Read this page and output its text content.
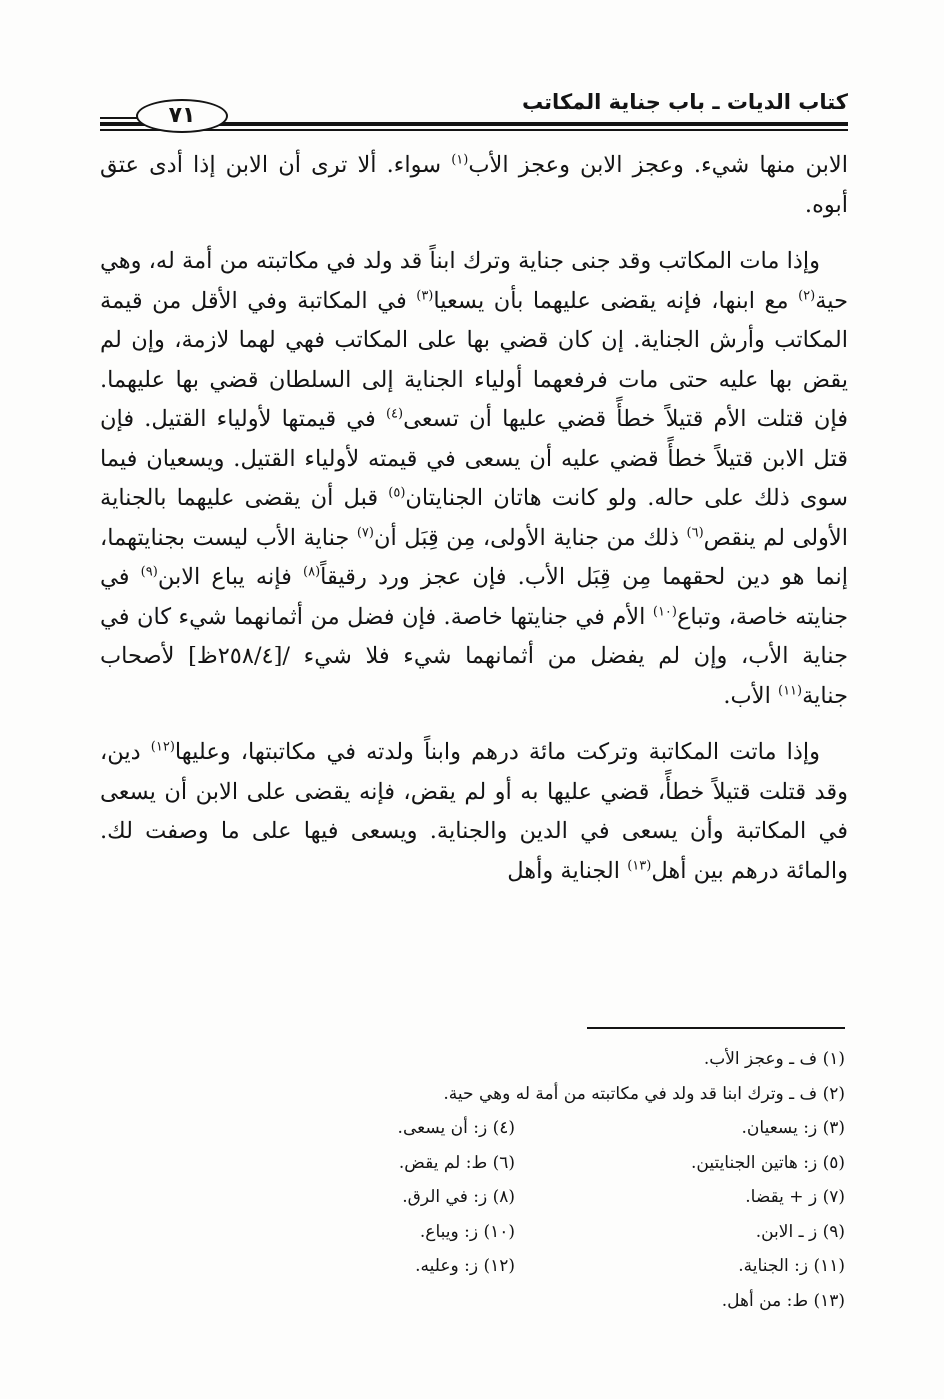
كتاب الديات ـ باب جناية المكاتب
٧١

الابن منها شيء. وعجز الابن وعجز الأب$^{(١)}$ سواء. ألا ترى أن الابن إذا أدى عتق أبوه.

وإذا مات المكاتب وقد جنى جناية وترك ابناً قد ولد في مكاتبته من أمة له، وهي حية$^{(٢)}$ مع ابنها، فإنه يقضى عليهما بأن يسعيا$^{(٣)}$ في المكاتبة وفي الأقل من قيمة المكاتب وأرش الجناية. إن كان قضي بها على المكاتب فهي لهما لازمة، وإن لم يقض بها عليه حتى مات فرفعهما أولياء الجناية إلى السلطان قضي بها عليهما. فإن قتلت الأم قتيلاً خطأً قضي عليها أن تسعى$^{(٤)}$ في قيمتها لأولياء القتيل. فإن قتل الابن قتيلاً خطأً قضي عليه أن يسعى في قيمته لأولياء القتيل. ويسعيان فيما سوى ذلك على حاله. ولو كانت هاتان الجنايتان$^{(٥)}$ قبل أن يقضى عليهما بالجناية الأولى لم ينقص$^{(٦)}$ ذلك من جناية الأولى، مِن قِبَل أن$^{(٧)}$ جناية الأب ليست بجنايتهما، إنما هو دين لحقهما مِن قِبَل الأب. فإن عجز ورد رقيقاً$^{(٨)}$ فإنه يباع الابن$^{(٩)}$ في جنايته خاصة، وتباع$^{(١٠)}$ الأم في جنايتها خاصة. فإن فضل من أثمانهما شيء كان في جناية الأب، وإن لم يفضل من أثمانهما شيء فلا شيء /[٢٥٨/٤ظ] لأصحاب جناية$^{(١١)}$ الأب.

وإذا ماتت المكاتبة وتركت مائة درهم وابناً ولدته في مكاتبتها، وعليها$^{(١٢)}$ دين، وقد قتلت قتيلاً خطأً، قضي عليها به أو لم يقض، فإنه يقضى على الابن أن يسعى في المكاتبة وأن يسعى في الدين والجناية. ويسعى فيها على ما وصفت لك. والمائة درهم بين أهل$^{(١٣)}$ الجناية وأهل

(١) ف ـ وعجز الأب.
(٢) ف ـ وترك ابنا قد ولد في مكاتبته من أمة له وهي حية.
(٣) ز: يسعيان.(٤) ز: أن يسعى.
(٥) ز: هاتين الجنايتين.(٦) ط: لم يقض.
(٧) ز + يقضا.(٨) ز: في الرق.
(٩) ز ـ الابن.(١٠) ز: ويباع.
(١١) ز: الجناية.(١٢) ز: وعليه.
(١٣) ط: من أهل.
